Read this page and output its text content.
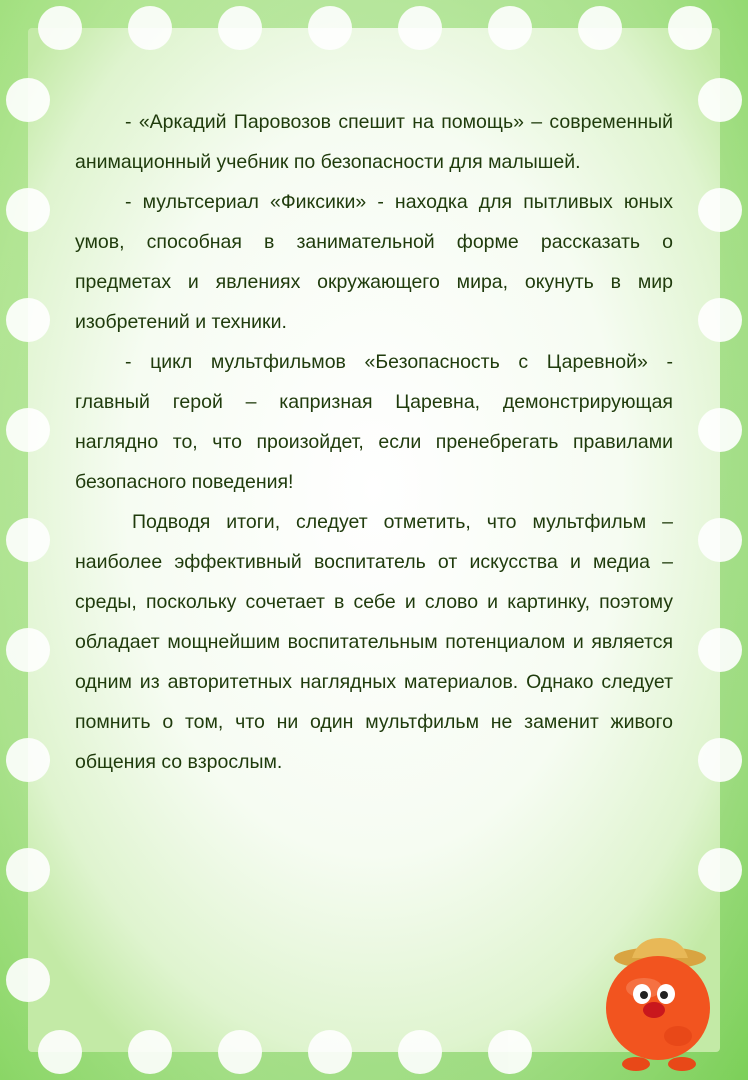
- «Аркадий Паровозов спешит на помощь» – современный анимационный учебник по безопасности для малышей.

- мультсериал «Фиксики» - находка для пытливых юных умов, способная в занимательной форме рассказать о предметах и явлениях окружающего мира, окунуть в мир изобретений и техники.

- цикл мультфильмов «Безопасность с Царевной» - главный герой – капризная Царевна, демонстрирующая наглядно то, что произойдет, если пренебрегать правилами безопасного поведения!

Подводя итоги, следует отметить, что мультфильм – наиболее эффективный воспитатель от искусства и медиа – среды, поскольку сочетает в себе и слово и картинку, поэтому обладает мощнейшим воспитательным потенциалом и является одним из авторитетных наглядных материалов. Однако следует помнить о том, что ни один мультфильм не заменит живого общения со взрослым.
